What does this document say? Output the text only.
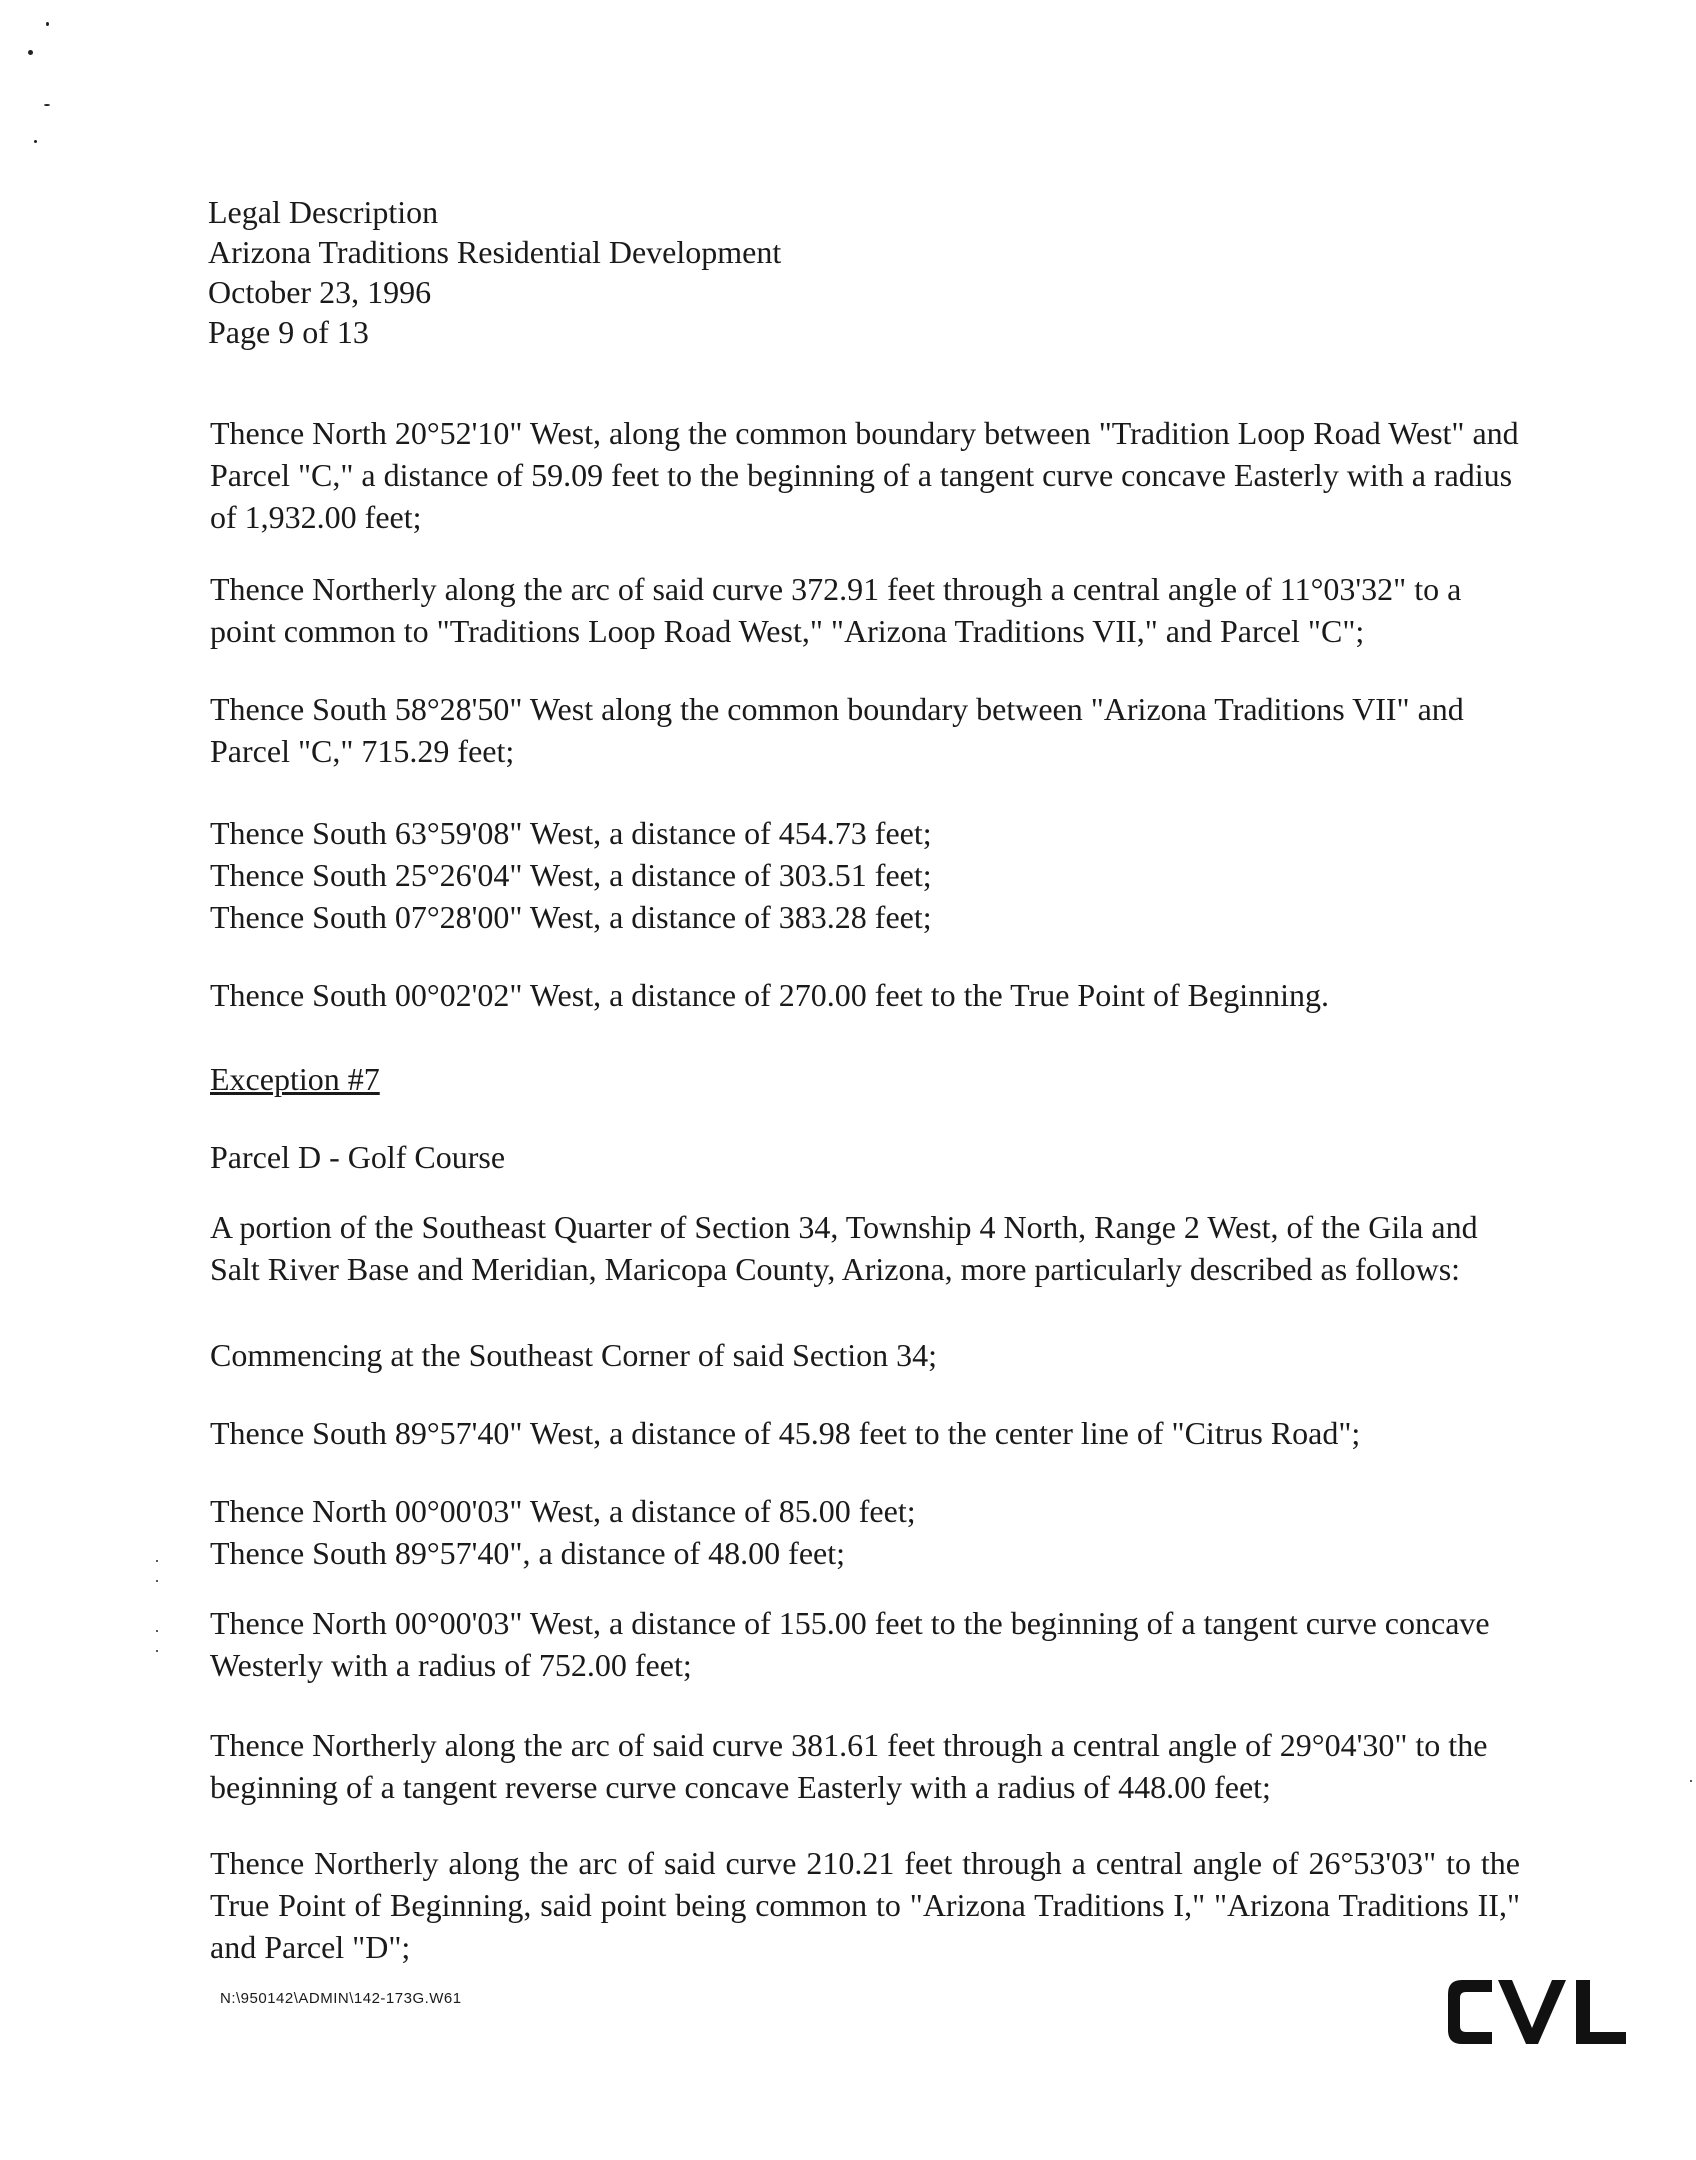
Legal Description
Arizona Traditions Residential Development
October 23, 1996
Page 9 of 13
Thence North 20°52'10" West, along the common boundary between "Tradition Loop Road West" and Parcel "C," a distance of 59.09 feet to the beginning of a tangent curve concave Easterly with a radius of 1,932.00 feet;
Thence Northerly along the arc of said curve 372.91 feet through a central angle of 11°03'32" to a point common to "Traditions Loop Road West," "Arizona Traditions VII," and Parcel "C";
Thence South 58°28'50" West along the common boundary between "Arizona Traditions VII" and Parcel "C," 715.29 feet;
Thence South 63°59'08" West, a distance of 454.73 feet;
Thence South 25°26'04" West, a distance of 303.51 feet;
Thence South 07°28'00" West, a distance of 383.28 feet;
Thence South 00°02'02" West, a distance of 270.00 feet to the True Point of Beginning.
Exception #7
Parcel D - Golf Course
A portion of the Southeast Quarter of Section 34, Township 4 North, Range 2 West, of the Gila and Salt River Base and Meridian, Maricopa County, Arizona, more particularly described as follows:
Commencing at the Southeast Corner of said Section 34;
Thence South 89°57'40" West, a distance of 45.98 feet to the center line of "Citrus Road";
Thence North 00°00'03" West, a distance of 85.00 feet;
Thence South 89°57'40", a distance of 48.00 feet;
Thence North 00°00'03" West, a distance of 155.00 feet to the beginning of a tangent curve concave Westerly with a radius of 752.00 feet;
Thence Northerly along the arc of said curve 381.61 feet through a central angle of 29°04'30" to the beginning of a tangent reverse curve concave Easterly with a radius of 448.00 feet;
Thence Northerly along the arc of said curve 210.21 feet through a central angle of 26°53'03" to the True Point of Beginning, said point being common to "Arizona Traditions I," "Arizona Traditions II," and Parcel "D";
N:\950142\ADMIN\142-173G.W61
